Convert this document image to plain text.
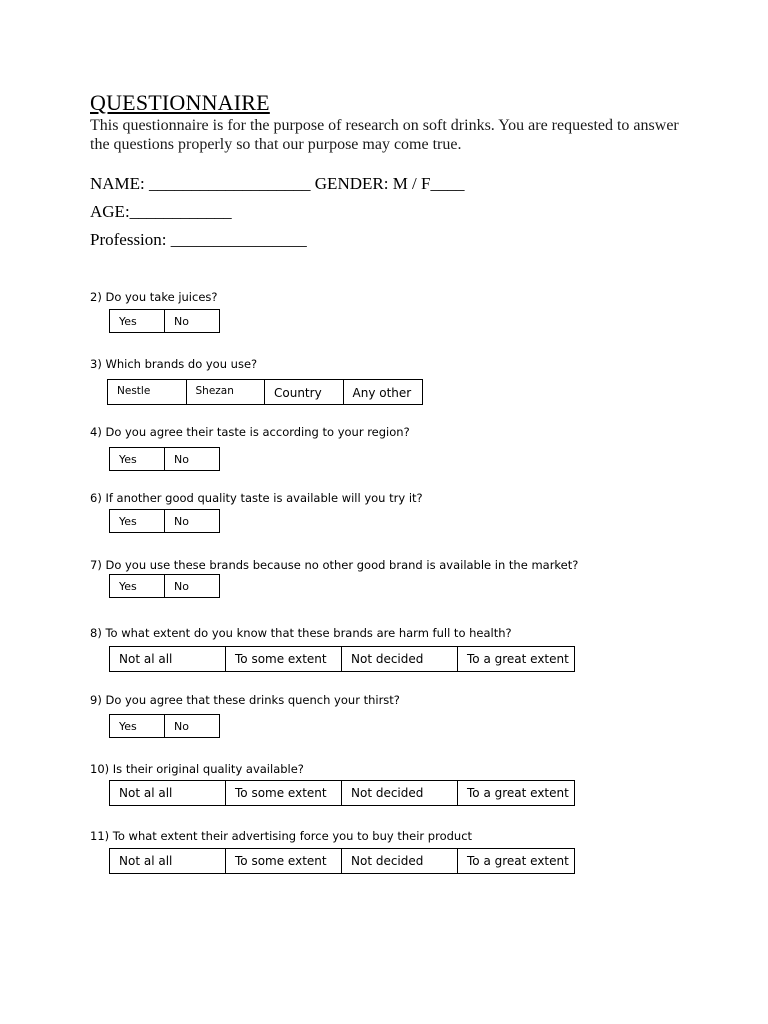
QUESTIONNAIRE
This questionnaire is for the purpose of research on soft drinks. You are requested to answer the questions properly so that our purpose may come true.
NAME: ___________________ GENDER: M / F____
AGE:____________
Profession: ________________
2) Do you take juices?
Yes	No
3) Which brands do you use?
Nestle	Shezan	Country	Any other
4) Do you agree their taste is according to your region?
Yes	No
6) If another good quality taste is available will you try it?
Yes	No
7) Do you use these brands because no other good brand is available in the market?
Yes	No
8) To what extent do you know that these brands are harm full to health?
Not al all	To some extent	Not decided	To a great extent
9) Do you agree that these drinks quench your thirst?
Yes	No
10) Is their original quality available?
Not al all	To some extent	Not decided	To a great extent
11) To what extent their advertising force you to buy their product
Not al all	To some extent	Not decided	To a great extent
